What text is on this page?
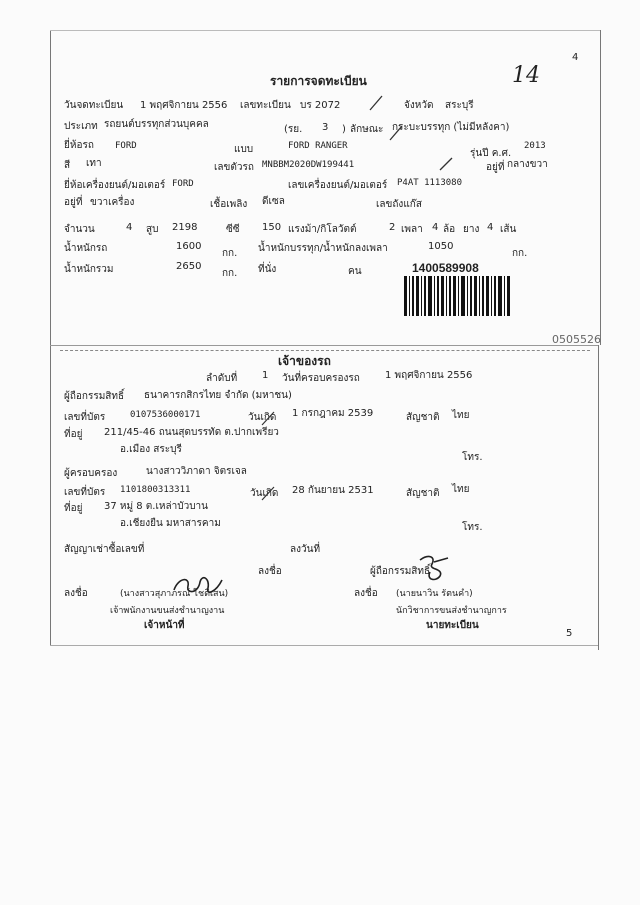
4
14
รายการจดทะเบียน
วันจดทะเบียน 1 พฤศจิกายน 2556 เลขทะเบียน บร 2072	จังหวัด สระบุรี
ประเภท รถยนต์บรรทุกส่วนบุคคล	(รย. 3 ) ลักษณะ กระบะบรรทุก (ไม่มีหลังคา)
ยี่ห้อรถ FORD	แบบ	FORD RANGER
รุ่นปี ค.ศ.
2013
สี เทา	เลขตัวรถ MNBBM2020DW199441	อยู่ที่ กลางขวา
ยี่ห้อเครื่องยนต์/มอเตอร์ FORD	เลขเครื่องยนต์/มอเตอร์ P4AT 1113080
อยู่ที่ ขวาเครื่อง	เชื้อเพลิง ดีเซล	เลขถังแก๊ส
จำนวน	4 สูบ 2198	ซีซี 150 แรงม้า/กิโลวัตต์	2 เพลา 4 ล้อ ยาง 4 เส้น
น้ำหนักรถ	1600
กก. น้ำหนักบรรทุก/น้ำหนักลงเพลา	1050
กก.
น้ำหนักรวม	2650
กก. ที่นั่ง	คน	1400589908
0505526
เจ้าของรถ
ลำดับที่ 1 วันที่ครอบครองรถ	1 พฤศจิกายน 2556
ผู้ถือกรรมสิทธิ์ ธนาคารกสิกรไทย จำกัด (มหาชน)
เลขที่บัตร	0107536000171	วันเกิด 1 กรกฎาคม 2539	สัญชาติ ไทย
ที่อยู่ 211/45-46 ถนนสุดบรรทัด ต.ปากเพรียว
อ.เมือง สระบุรี
โทร.
ผู้ครอบครอง	นางสาววิภาดา จิตรเจล
เลขที่บัตร 1101800313311	วันเกิด 28 กันยายน 2531	สัญชาติ ไทย
ที่อยู่ 37 หมู่ 8 ต.เหล่าบัวบาน
อ.เชียงยืน มหาสารคาม	โทร.
สัญญาเช่าซื้อเลขที่	ลงวันที่
ลงชื่อ	ผู้ถือกรรมสิทธิ์
ลงชื่อ	(นางสาวสุภาภรณ์ โชติเสน)
เจ้าพนักงานขนส่งชำนาญงาน
เจ้าหน้าที่
ลงชื่อ (นายนาวิน รัตนคำ)
นักวิชาการขนส่งชำนาญการ
นายทะเบียน
5
